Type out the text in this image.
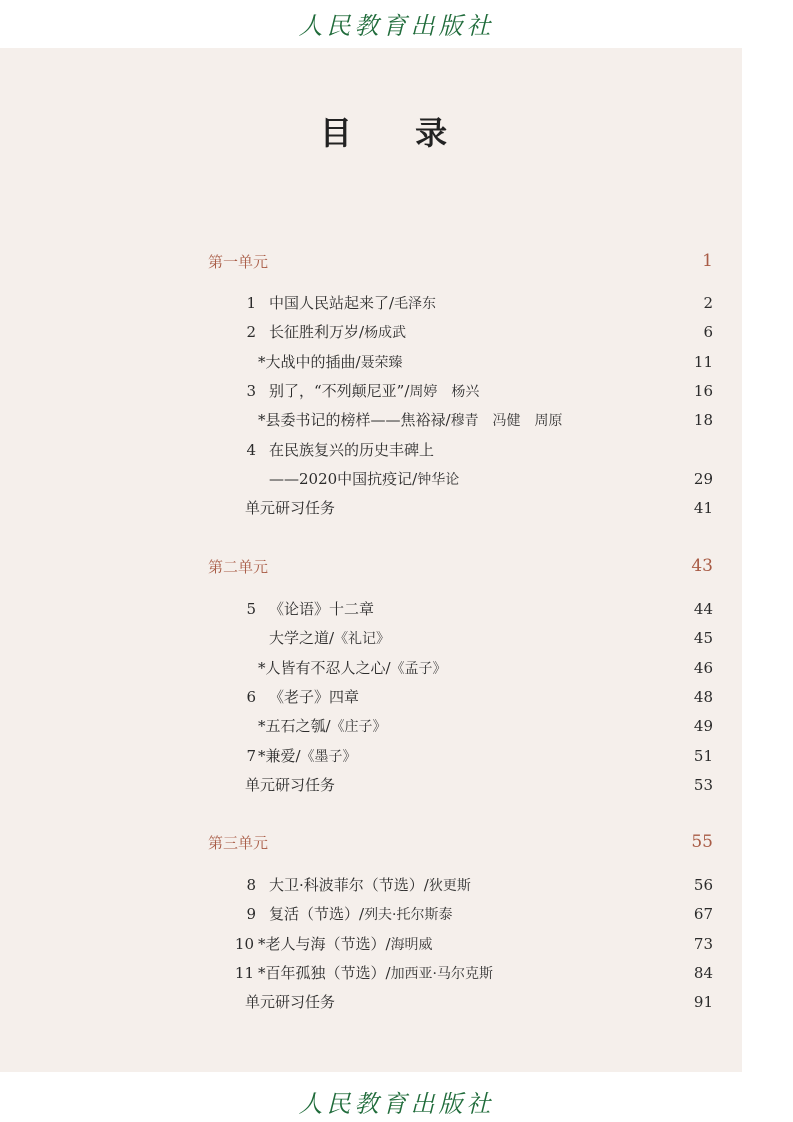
人民教育出版社
目 录
第一单元	1
1 中国人民站起来了/毛泽东	2
2 长征胜利万岁/杨成武	6
*大战中的插曲/聂荣臻	11
3 别了，“不列颠尼亚”/周婷　杨兴	16
*县委书记的榜样——焦裕禄/穆青　冯健　周原	18
4 在民族复兴的历史丰碑上
——2020中国抗疫记/钟华论	29
单元研习任务	41
第二单元	43
5 《论语》十二章	44
大学之道/《礼记》	45
*人皆有不忍人之心/《孟子》	46
6 《老子》四章	48
*五石之瓠/《庄子》	49
7 *兼爱/《墨子》	51
单元研习任务	53
第三单元	55
8 大卫·科波菲尔（节选）/狄更斯	56
9 复活（节选）/列夫·托尔斯泰	67
10 *老人与海（节选）/海明威	73
11 *百年孤独（节选）/加西亚·马尔克斯	84
单元研习任务	91
人民教育出版社
